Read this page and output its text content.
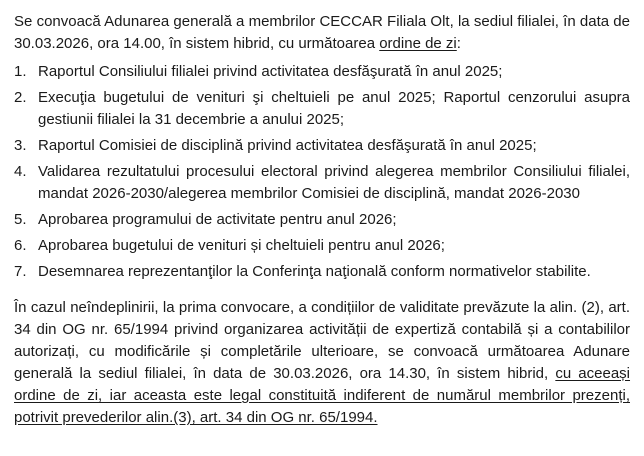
Se convoacă Adunarea generală a membrilor CECCAR Filiala Olt, la sediul filialei, în data de 30.03.2026, ora 14.00, în sistem hibrid, cu următoarea ordine de zi:

1. Raportul Consiliului filialei privind activitatea desfăşurată în anul 2025;
2. Execuţia bugetului de venituri şi cheltuieli pe anul 2025; Raportul cenzorului asupra gestiunii filialei la 31 decembrie a anului 2025;
3. Raportul Comisiei de disciplină privind activitatea desfăşurată în anul 2025;
4. Validarea rezultatului procesului electoral privind alegerea membrilor Consiliului filialei, mandat 2026-2030/alegerea membrilor Comisiei de disciplină, mandat 2026-2030
5. Aprobarea programului de activitate pentru anul 2026;
6. Aprobarea bugetului de venituri și cheltuieli pentru anul 2026;
7. Desemnarea reprezentanţilor la Conferinţa naţională conform normativelor stabilite.

În cazul neîndeplinirii, la prima convocare, a condițiilor de validitate prevăzute la alin. (2), art. 34 din OG nr. 65/1994 privind organizarea activității de expertiză contabilă și a contabililor autorizați, cu modificările și completările ulterioare, se convoacă următoarea Adunare generală la sediul filialei, în data de 30.03.2026, ora 14.30, în sistem hibrid, cu aceeași ordine de zi, iar aceasta este legal constituită indiferent de numărul membrilor prezenți, potrivit prevederilor alin.(3), art. 34 din OG nr. 65/1994.
